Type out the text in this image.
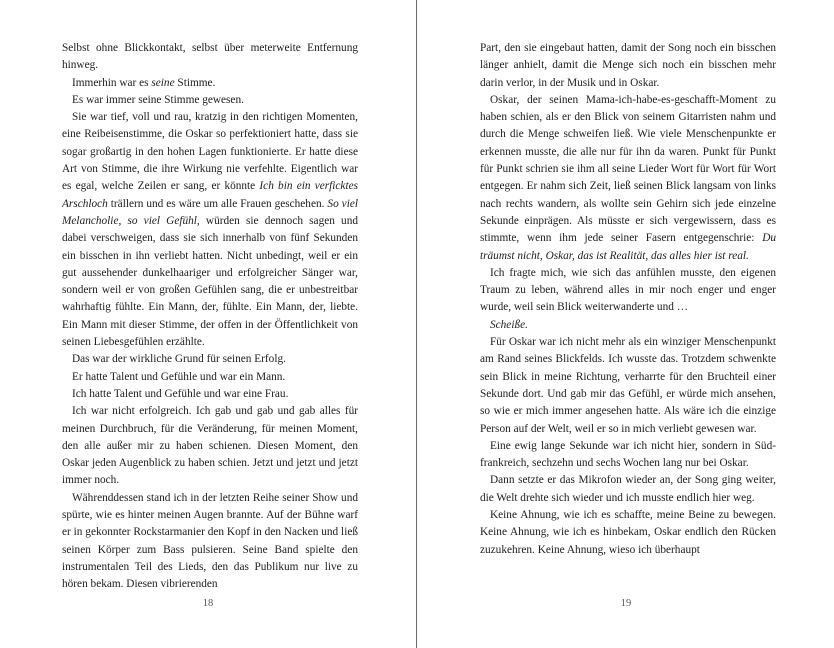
Selbst ohne Blickkontakt, selbst über meterweite Entfernung hinweg.

Immerhin war es seine Stimme.

Es war immer seine Stimme gewesen.

Sie war tief, voll und rau, kratzig in den richtigen Momenten, eine Reibeisenstimme, die Oskar so perfektioniert hatte, dass sie sogar großartig in den hohen Lagen funktionierte. Er hatte diese Art von Stimme, die ihre Wirkung nie verfehlte. Eigentlich war es egal, welche Zeilen er sang, er könnte Ich bin ein verficktes Arschloch trällern und es wäre um alle Frauen geschehen. So viel Melancholie, so viel Gefühl, würden sie dennoch sagen und dabei verschweigen, dass sie sich innerhalb von fünf Sekunden ein bisschen in ihn verliebt hatten. Nicht unbedingt, weil er ein gut aussehender dunkelhaariger und erfolgreicher Sänger war, sondern weil er von großen Gefühlen sang, die er unbestreitbar wahrhaftig fühlte. Ein Mann, der, fühlte. Ein Mann, der, liebte. Ein Mann mit dieser Stimme, der offen in der Öffentlichkeit von seinen Liebesgefühlen erzählte.

Das war der wirkliche Grund für seinen Erfolg.

Er hatte Talent und Gefühle und war ein Mann.

Ich hatte Talent und Gefühle und war eine Frau.

Ich war nicht erfolgreich. Ich gab und gab und gab alles für meinen Durchbruch, für die Veränderung, für meinen Moment, den alle außer mir zu haben schienen. Diesen Moment, den Oskar jeden Augenblick zu haben schien. Jetzt und jetzt und jetzt immer noch.

Währenddessen stand ich in der letzten Reihe seiner Show und spürte, wie es hinter meinen Augen brannte. Auf der Bühne warf er in gekonnter Rockstarmanier den Kopf in den Nacken und ließ seinen Körper zum Bass pulsieren. Seine Band spielte den instrumentalen Teil des Lieds, den das Publikum nur live zu hören bekam. Diesen vibrierenden

18

Part, den sie eingebaut hatten, damit der Song noch ein bisschen länger anhielt, damit die Menge sich noch ein bisschen mehr darin verlor, in der Musik und in Oskar.

Oskar, der seinen Mama-ich-habe-es-geschafft-Moment zu haben schien, als er den Blick von seinem Gitarristen nahm und durch die Menge schweifen ließ. Wie viele Menschenpunkte er erkennen musste, die alle nur für ihn da waren. Punkt für Punkt für Punkt schrien sie ihm all seine Lieder Wort für Wort für Wort entgegen. Er nahm sich Zeit, ließ seinen Blick langsam von links nach rechts wandern, als wollte sein Gehirn sich jede einzelne Sekunde einprägen. Als müsste er sich vergewissern, dass es stimmte, wenn ihm jede seiner Fasern entgegenschrie: Du träumst nicht, Oskar, das ist Realität, das alles hier ist real.

Ich fragte mich, wie sich das anfühlen musste, den eigenen Traum zu leben, während alles in mir noch enger und enger wurde, weil sein Blick weiterwanderte und …

Scheiße.

Für Oskar war ich nicht mehr als ein winziger Menschenpunkt am Rand seines Blickfelds. Ich wusste das. Trotzdem schwenkte sein Blick in meine Richtung, verharrte für den Bruchteil einer Sekunde dort. Und gab mir das Gefühl, er würde mich ansehen, so wie er mich immer angesehen hatte. Als wäre ich die einzige Person auf der Welt, weil er so in mich verliebt gewesen war.

Eine ewig lange Sekunde war ich nicht hier, sondern in Südfrankreich, sechzehn und sechs Wochen lang nur bei Oskar.

Dann setzte er das Mikrofon wieder an, der Song ging weiter, die Welt drehte sich wieder und ich musste endlich hier weg.

Keine Ahnung, wie ich es schaffte, meine Beine zu bewegen. Keine Ahnung, wie ich es hinbekam, Oskar endlich den Rücken zuzukehren. Keine Ahnung, wieso ich überhaupt

19
